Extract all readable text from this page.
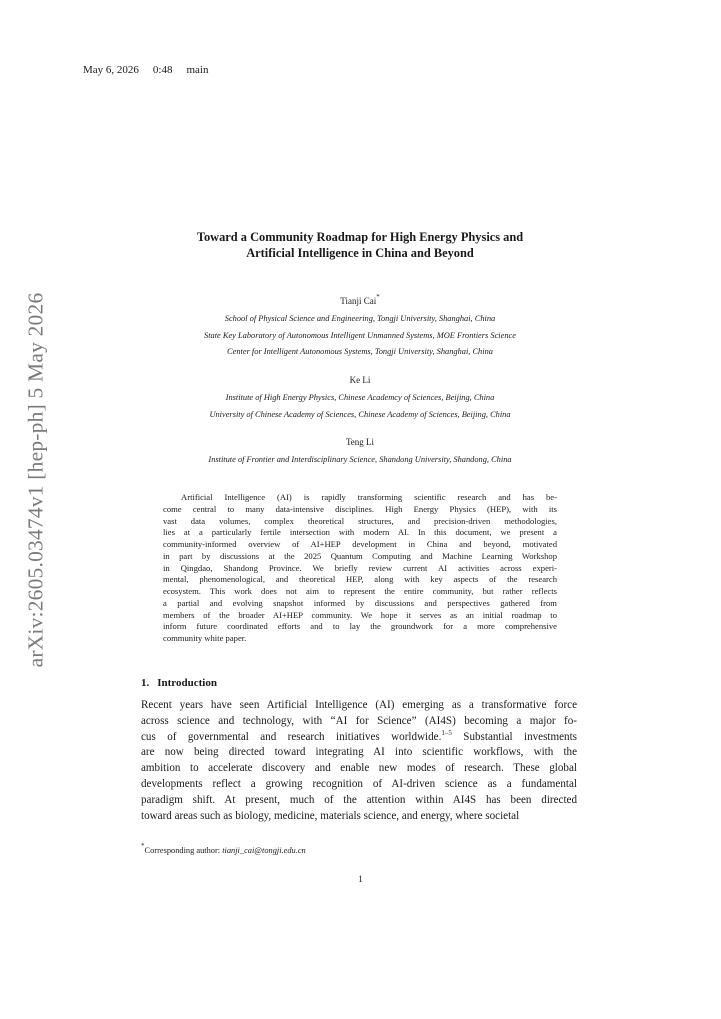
May 6, 2026 0:48 main
arXiv:2605.03474v1 [hep-ph] 5 May 2026
Toward a Community Roadmap for High Energy Physics and
Artificial Intelligence in China and Beyond
Tianji Cai*
School of Physical Science and Engineering, Tongji University, Shanghai, China
State Key Laboratory of Autonomous Intelligent Unmanned Systems, MOE Frontiers Science
Center for Intelligent Autonomous Systems, Tongji University, Shanghai, China
Ke Li
Institute of High Energy Physics, Chinese Academcy of Sciences, Beijing, China
University of Chinese Academy of Sciences, Chinese Academy of Sciences, Beijing, China
Teng Li
Institute of Frontier and Interdisciplinary Science, Shandong University, Shandong, China
Artificial Intelligence (AI) is rapidly transforming scientific research and has be-
come central to many data-intensive disciplines. High Energy Physics (HEP), with its
vast data volumes, complex theoretical structures, and precision-driven methodologies,
lies at a particularly fertile intersection with modern AI. In this document, we present a
community-informed overview of AI+HEP development in China and beyond, motivated
in part by discussions at the 2025 Quantum Computing and Machine Learning Workshop
in Qingdao, Shandong Province. We briefly review current AI activities across experi-
mental, phenomenological, and theoretical HEP, along with key aspects of the research
ecosystem. This work does not aim to represent the entire community, but rather reflects
a partial and evolving snapshot informed by discussions and perspectives gathered from
members of the broader AI+HEP community. We hope it serves as an initial roadmap to
inform future coordinated efforts and to lay the groundwork for a more comprehensive
community white paper.
1. Introduction
Recent years have seen Artificial Intelligence (AI) emerging as a transformative force
across science and technology, with “AI for Science” (AI4S) becoming a major fo-
cus of governmental and research initiatives worldwide.$^{1-5}$ Substantial investments
are now being directed toward integrating AI into scientific workflows, with the
ambition to accelerate discovery and enable new modes of research. These global
developments reflect a growing recognition of AI-driven science as a fundamental
paradigm shift. At present, much of the attention within AI4S has been directed
toward areas such as biology, medicine, materials science, and energy, where societal
*Corresponding author: tianji_cai@tongji.edu.cn
1
